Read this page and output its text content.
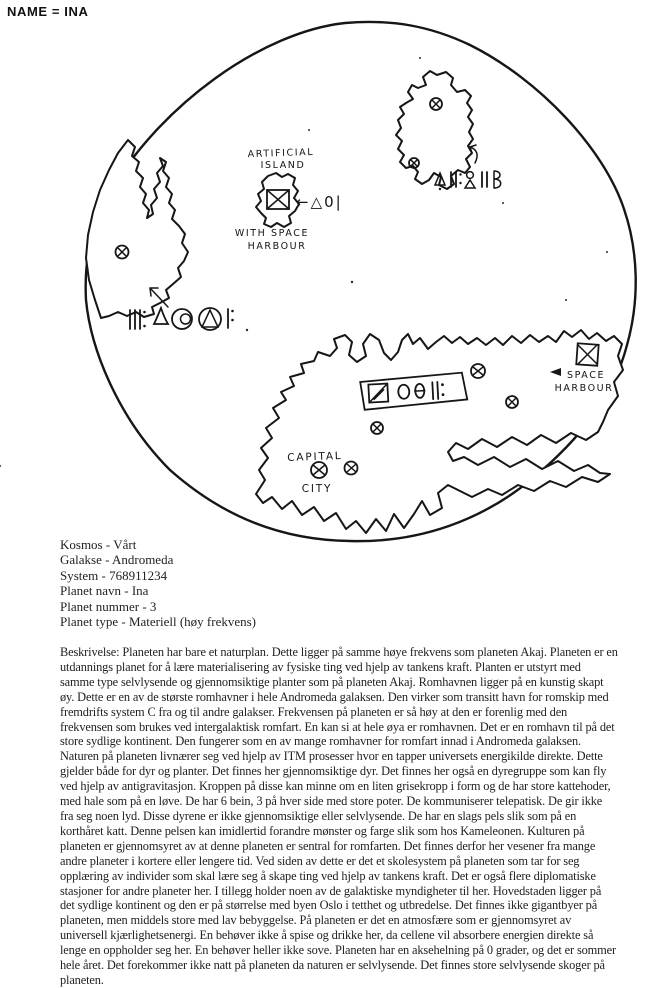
NAME = INA
ARTIFICIAL
ISLAND
←△0|
WITH SPACE
HARBOUR
CAPITAL
CITY
SPACE
HARBOUR
Kosmos - Vårt
Galakse - Andromeda
System - 768911234
Planet navn - Ina
Planet nummer - 3
Planet type - Materiell (høy frekvens)
Beskrivelse: Planeten har bare et naturplan. Dette ligger på samme høye frekvens som planeten Akaj. Planeten er en utdannings planet for å lære materialisering av fysiske ting ved hjelp av tankens kraft. Planten er utstyrt med samme type selvlysende og gjennomsiktige planter som på planeten Akaj. Romhavnen ligger på en kunstig skapt øy. Dette er en av de største romhavner i hele Andromeda galaksen. Den virker som transitt havn for romskip med fremdrifts system C fra og til andre galakser. Frekvensen på planeten er så høy at den er forenlig med den frekvensen som brukes ved intergalaktisk romfart. En kan si at hele øya er romhavnen. Det er en romhavn til på det store sydlige kontinent. Den fungerer som en av mange romhavner for romfart innad i Andromeda galaksen. Naturen på planeten livnærer seg ved hjelp av ITM prosesser hvor en tapper universets energikilde direkte. Dette gjelder både for dyr og planter. Det finnes her gjennomsiktige dyr. Det finnes her også en dyregruppe som kan fly ved hjelp av antigravitasjon. Kroppen på disse kan minne om en liten grisekropp i form og de har store kattehoder, med hale som på en løve. De har 6 bein, 3 på hver side med store poter. De kommuniserer telepatisk. De gir ikke fra seg noen lyd. Disse dyrene er ikke gjennomsiktige eller selvlysende. De har en slags pels slik som på en korthåret katt. Denne pelsen kan imidlertid forandre mønster og farge slik som hos Kameleonen. Kulturen på planeten er gjennomsyret av at denne planeten er sentral for romfarten. Det finnes derfor her vesener fra mange andre planeter i kortere eller lengere tid. Ved siden av dette er det et skolesystem på planeten som tar for seg opplæring av individer som skal lære seg å skape ting ved hjelp av tankens kraft. Det er også flere diplomatiske stasjoner for andre planeter her. I tillegg holder noen av de galaktiske myndigheter til her. Hovedstaden ligger på det sydlige kontinent og den er på størrelse med byen Oslo i tetthet og utbredelse. Det finnes ikke gigantbyer på planeten, men middels store med lav bebyggelse. På planeten er det en atmosfære som er gjennomsyret av universell kjærlighetsenergi. En behøver ikke å spise og drikke her, da cellene vil absorbere energien direkte så lenge en oppholder seg her. En behøver heller ikke sove. Planeten har en aksehelning på 0 grader, og det er sommer hele året. Det forekommer ikke natt på planeten da naturen er selvlysende. Det finnes store selvlysende skoger på planeten.
